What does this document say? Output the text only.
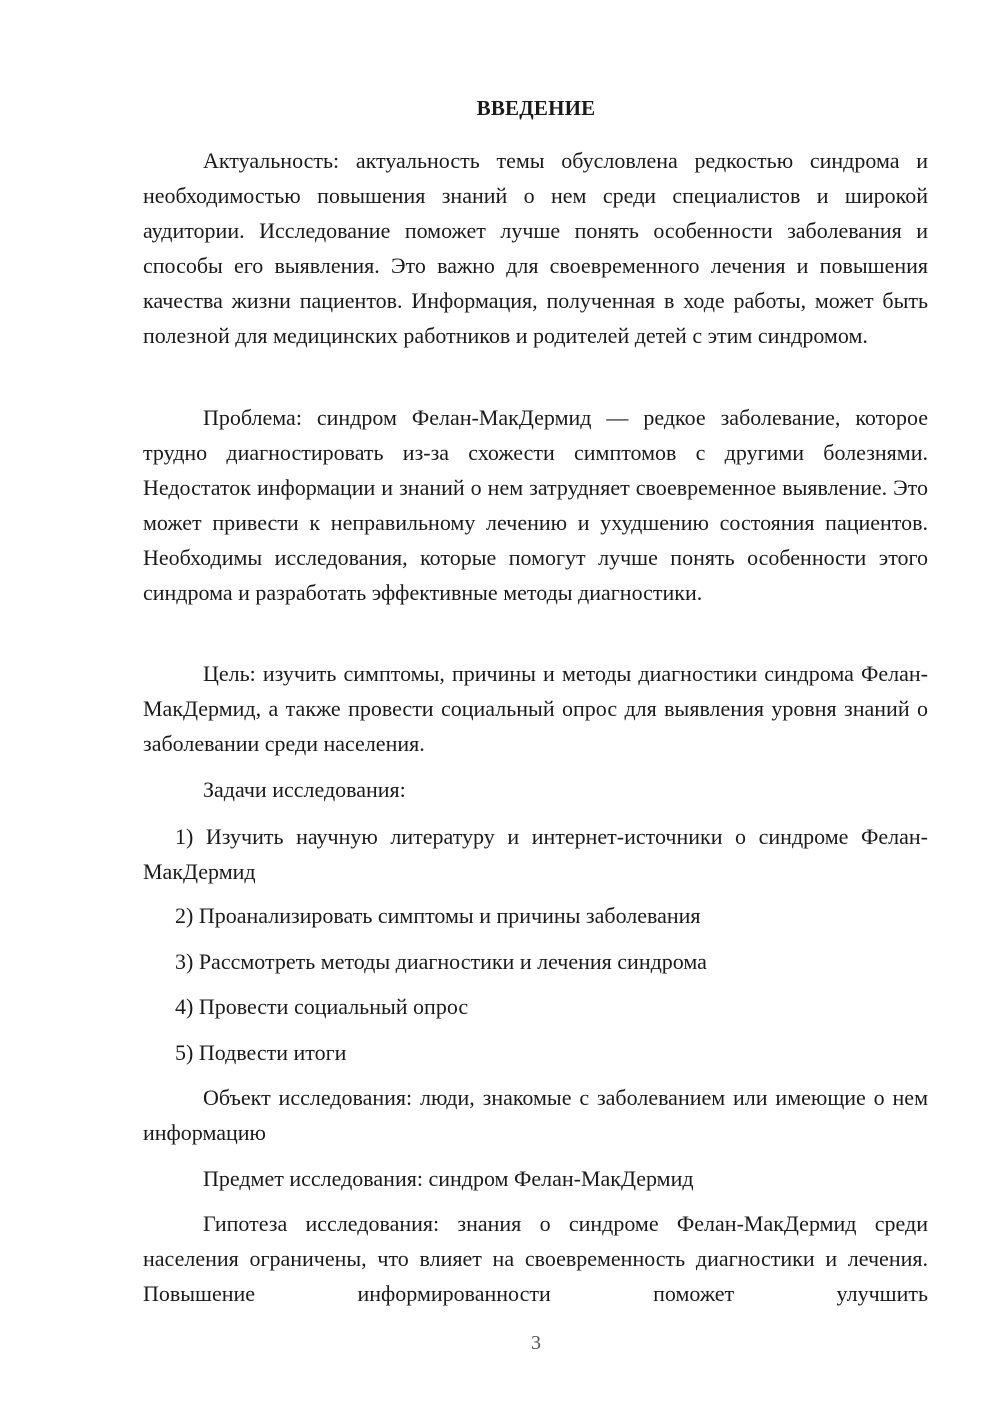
ВВЕДЕНИЕ

Актуальность: актуальность темы обусловлена редкостью синдрома и необходимостью повышения знаний о нем среди специалистов и широкой аудитории. Исследование поможет лучше понять особенности заболевания и способы его выявления. Это важно для своевременного лечения и повышения качества жизни пациентов. Информация, полученная в ходе работы, может быть полезной для медицинских работников и родителей детей с этим синдромом.

Проблема: синдром Фелан-МакДермид — редкое заболевание, которое трудно диагностировать из-за схожести симптомов с другими болезнями. Недостаток информации и знаний о нем затрудняет своевременное выявление. Это может привести к неправильному лечению и ухудшению состояния пациентов. Необходимы исследования, которые помогут лучше понять особенности этого синдрома и разработать эффективные методы диагностики.

Цель: изучить симптомы, причины и методы диагностики синдрома Фелан-МакДермид, а также провести социальный опрос для выявления уровня знаний о заболевании среди населения.

Задачи исследования:

1) Изучить научную литературу и интернет-источники о синдроме Фелан-МакДермид

2) Проанализировать симптомы и причины заболевания

3) Рассмотреть методы диагностики и лечения синдрома

4) Провести социальный опрос

5) Подвести итоги

Объект исследования: люди, знакомые с заболеванием или имеющие о нем информацию

Предмет исследования: синдром Фелан-МакДермид

Гипотеза исследования: знания о синдроме Фелан-МакДермид среди населения ограничены, что влияет на своевременность диагностики и лечения. Повышение информированности поможет улучшить

3
